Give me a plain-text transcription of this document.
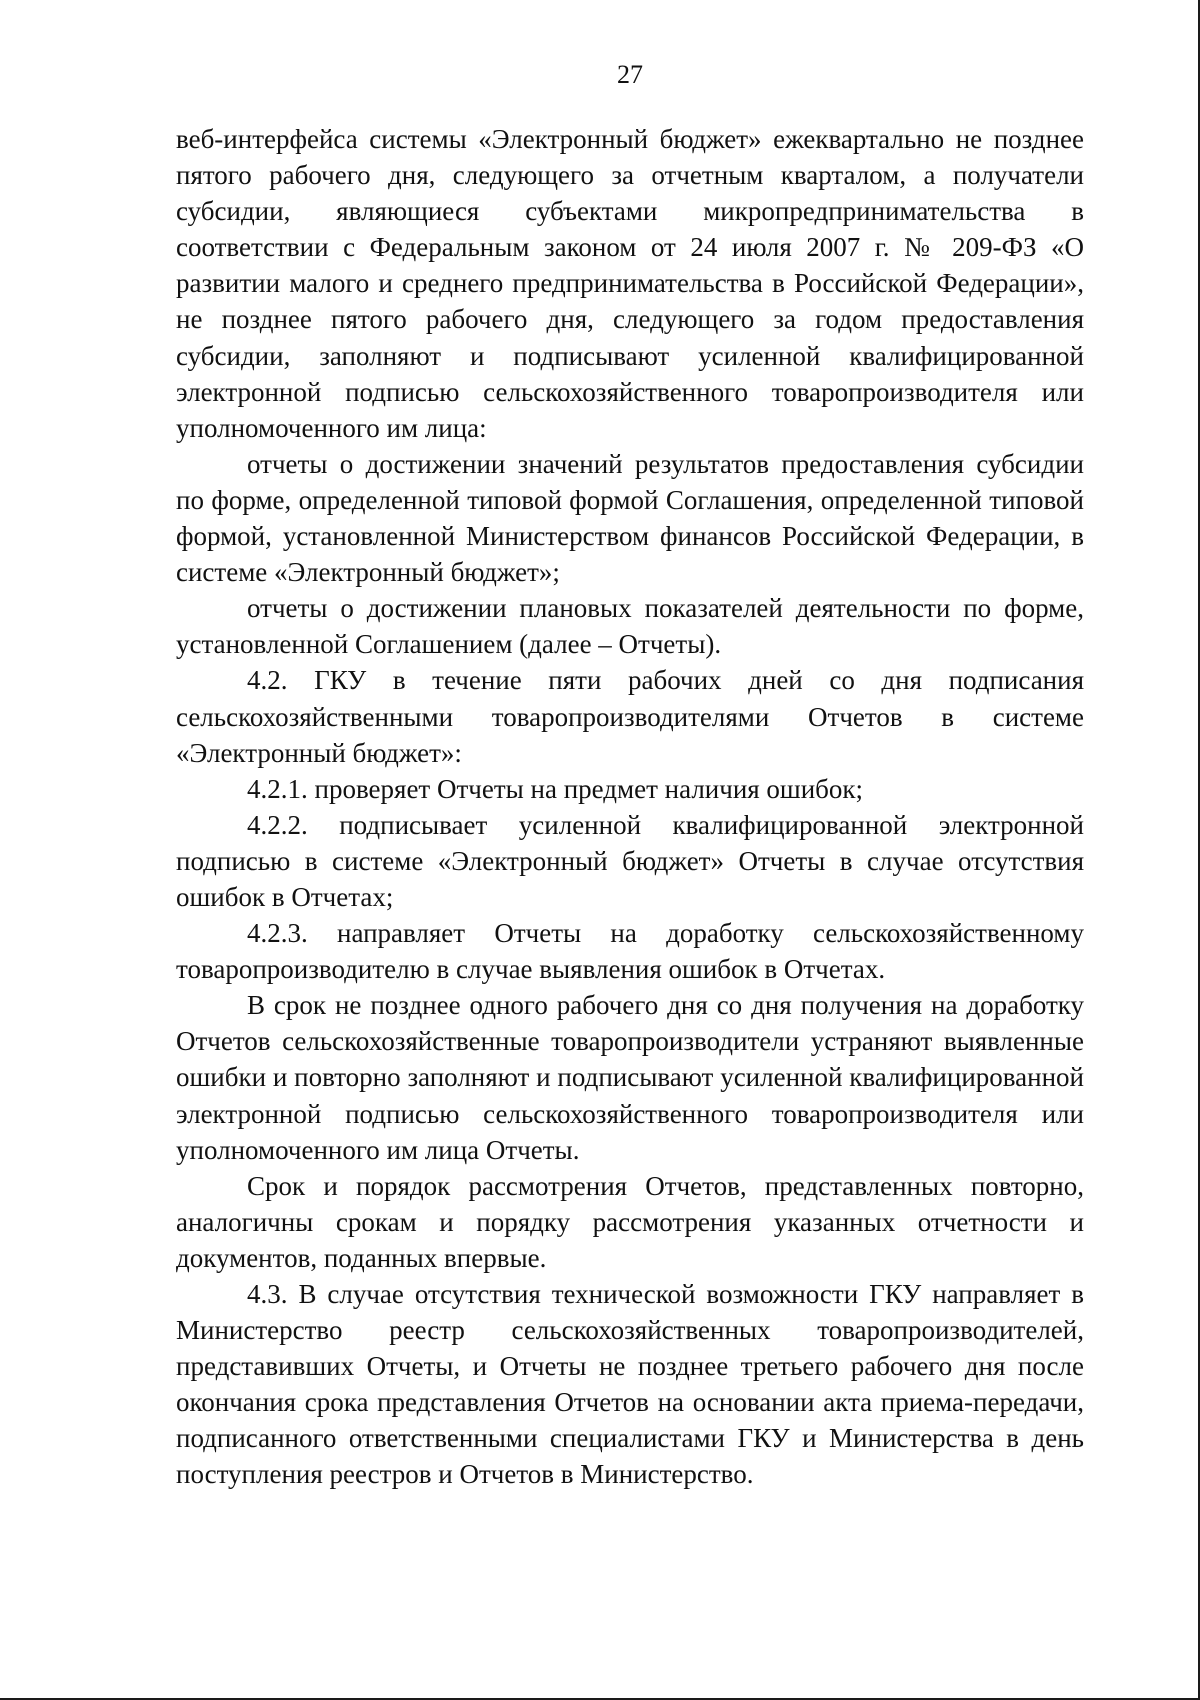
27

веб-интерфейса системы «Электронный бюджет» ежеквартально не позднее пятого рабочего дня, следующего за отчетным кварталом, а получатели субсидии, являющиеся субъектами микропредпринимательства в соответствии с Федеральным законом от 24 июля 2007 г. № 209-ФЗ «О развитии малого и среднего предпринимательства в Российской Федерации», не позднее пятого рабочего дня, следующего за годом предоставления субсидии, заполняют и подписывают усиленной квалифицированной электронной подписью сельскохозяйственного товаропроизводителя или уполномоченного им лица:

отчеты о достижении значений результатов предоставления субсидии по форме, определенной типовой формой Соглашения, определенной типовой формой, установленной Министерством финансов Российской Федерации, в системе «Электронный бюджет»;

отчеты о достижении плановых показателей деятельности по форме, установленной Соглашением (далее – Отчеты).

4.2. ГКУ в течение пяти рабочих дней со дня подписания сельскохозяйственными товаропроизводителями Отчетов в системе «Электронный бюджет»:

4.2.1. проверяет Отчеты на предмет наличия ошибок;

4.2.2. подписывает усиленной квалифицированной электронной подписью в системе «Электронный бюджет» Отчеты в случае отсутствия ошибок в Отчетах;

4.2.3. направляет Отчеты на доработку сельскохозяйственному товаропроизводителю в случае выявления ошибок в Отчетах.

В срок не позднее одного рабочего дня со дня получения на доработку Отчетов сельскохозяйственные товаропроизводители устраняют выявленные ошибки и повторно заполняют и подписывают усиленной квалифицированной электронной подписью сельскохозяйственного товаропроизводителя или уполномоченного им лица Отчеты.

Срок и порядок рассмотрения Отчетов, представленных повторно, аналогичны срокам и порядку рассмотрения указанных отчетности и документов, поданных впервые.

4.3. В случае отсутствия технической возможности ГКУ направляет в Министерство реестр сельскохозяйственных товаропроизводителей, представивших Отчеты, и Отчеты не позднее третьего рабочего дня после окончания срока представления Отчетов на основании акта приема-передачи, подписанного ответственными специалистами ГКУ и Министерства в день поступления реестров и Отчетов в Министерство.
